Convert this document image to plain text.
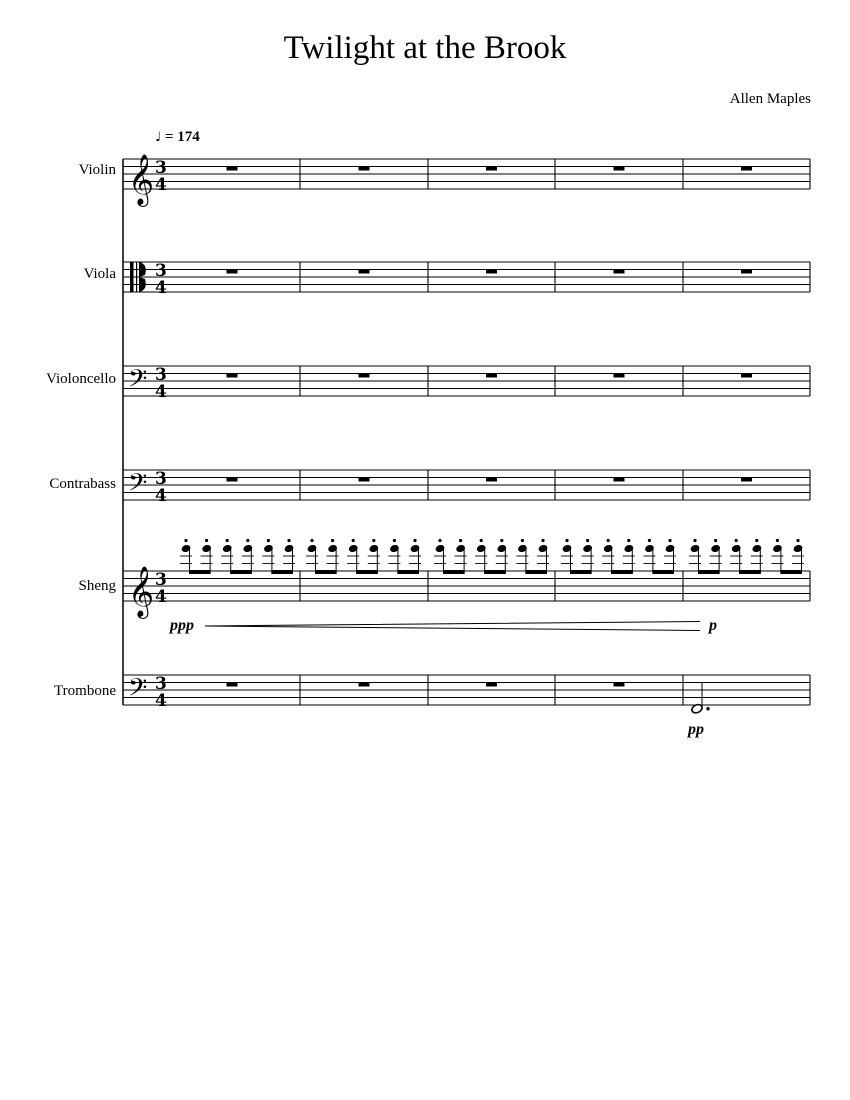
Twilight at the Brook
Allen Maples
♩ = 174
Violin
Viola
Violoncello
Contrabass
Sheng
Trombone
ppp	p
pp
𝄞 3
4
3
4
𝄢 3
4
𝄢 3
4
𝄞 3
4
𝄢 3
4
